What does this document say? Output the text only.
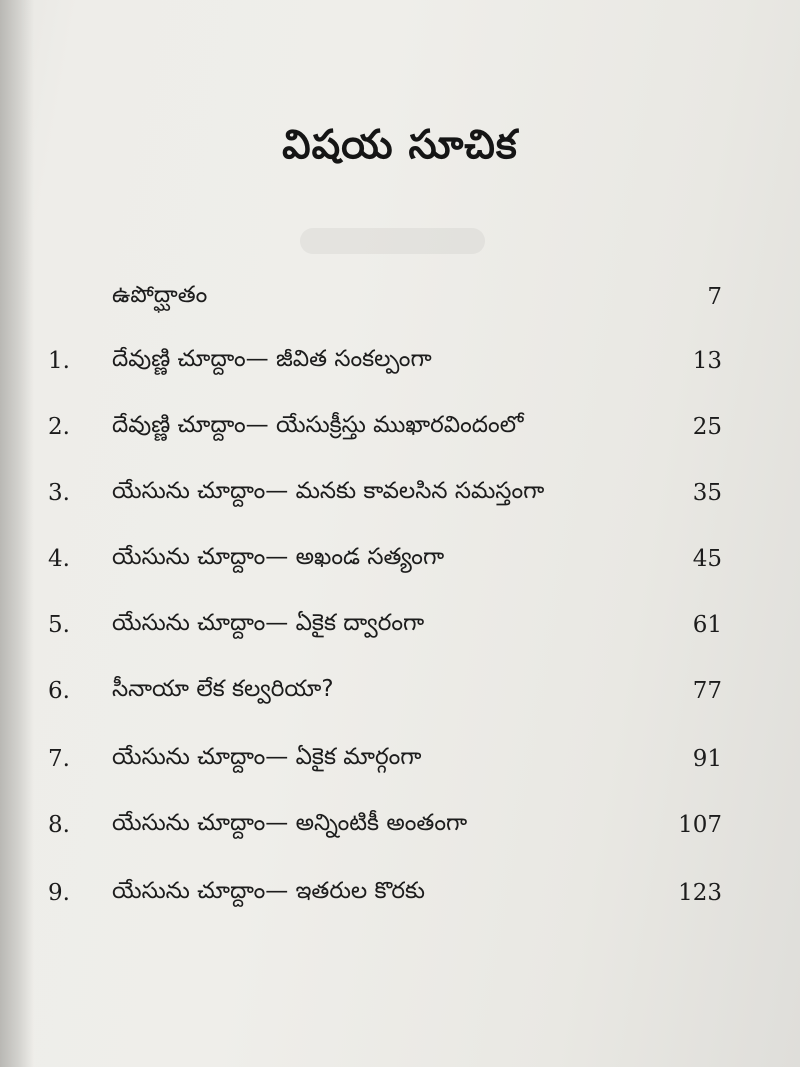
విషయ సూచిక
ఉపోద్ఘాతం	7
1. దేవుణ్ణి చూద్దాం— జీవిత సంకల్పంగా	13
2. దేవుణ్ణి చూద్దాం— యేసుక్రీస్తు ముఖారవిందంలో	25
3. యేసును చూద్దాం— మనకు కావలసిన సమస్తంగా	35
4. యేసును చూద్దాం— అఖండ సత్యంగా	45
5. యేసును చూద్దాం— ఏకైక ద్వారంగా	61
6. సీనాయా లేక కల్వరియా?	77
7. యేసును చూద్దాం— ఏకైక మార్గంగా	91
8. యేసును చూద్దాం— అన్నింటికీ అంతంగా	107
9. యేసును చూద్దాం— ఇతరుల కొరకు	123
